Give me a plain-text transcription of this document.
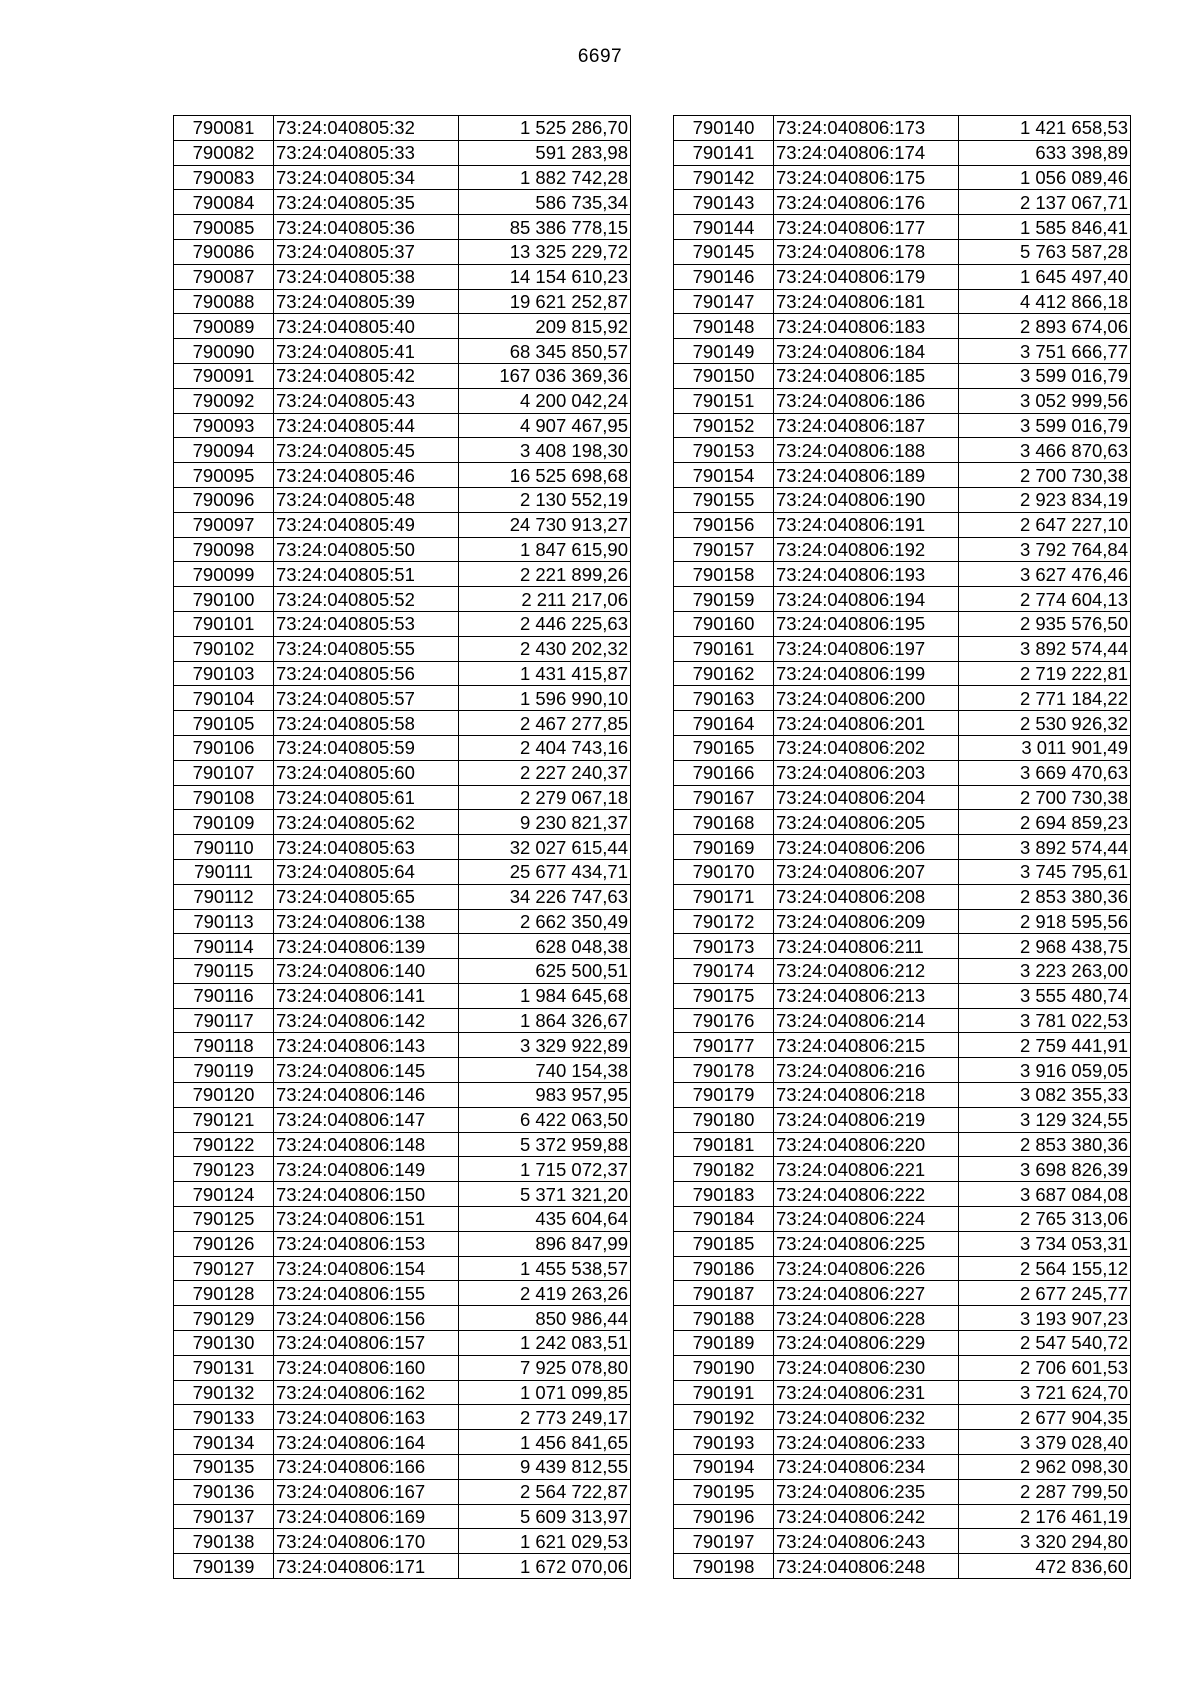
6697
790081	73:24:040805:32	1 525 286,70
790082	73:24:040805:33	591 283,98
790083	73:24:040805:34	1 882 742,28
790084	73:24:040805:35	586 735,34
790085	73:24:040805:36	85 386 778,15
790086	73:24:040805:37	13 325 229,72
790087	73:24:040805:38	14 154 610,23
790088	73:24:040805:39	19 621 252,87
790089	73:24:040805:40	209 815,92
790090	73:24:040805:41	68 345 850,57
790091	73:24:040805:42	167 036 369,36
790092	73:24:040805:43	4 200 042,24
790093	73:24:040805:44	4 907 467,95
790094	73:24:040805:45	3 408 198,30
790095	73:24:040805:46	16 525 698,68
790096	73:24:040805:48	2 130 552,19
790097	73:24:040805:49	24 730 913,27
790098	73:24:040805:50	1 847 615,90
790099	73:24:040805:51	2 221 899,26
790100	73:24:040805:52	2 211 217,06
790101	73:24:040805:53	2 446 225,63
790102	73:24:040805:55	2 430 202,32
790103	73:24:040805:56	1 431 415,87
790104	73:24:040805:57	1 596 990,10
790105	73:24:040805:58	2 467 277,85
790106	73:24:040805:59	2 404 743,16
790107	73:24:040805:60	2 227 240,37
790108	73:24:040805:61	2 279 067,18
790109	73:24:040805:62	9 230 821,37
790110	73:24:040805:63	32 027 615,44
790111	73:24:040805:64	25 677 434,71
790112	73:24:040805:65	34 226 747,63
790113	73:24:040806:138	2 662 350,49
790114	73:24:040806:139	628 048,38
790115	73:24:040806:140	625 500,51
790116	73:24:040806:141	1 984 645,68
790117	73:24:040806:142	1 864 326,67
790118	73:24:040806:143	3 329 922,89
790119	73:24:040806:145	740 154,38
790120	73:24:040806:146	983 957,95
790121	73:24:040806:147	6 422 063,50
790122	73:24:040806:148	5 372 959,88
790123	73:24:040806:149	1 715 072,37
790124	73:24:040806:150	5 371 321,20
790125	73:24:040806:151	435 604,64
790126	73:24:040806:153	896 847,99
790127	73:24:040806:154	1 455 538,57
790128	73:24:040806:155	2 419 263,26
790129	73:24:040806:156	850 986,44
790130	73:24:040806:157	1 242 083,51
790131	73:24:040806:160	7 925 078,80
790132	73:24:040806:162	1 071 099,85
790133	73:24:040806:163	2 773 249,17
790134	73:24:040806:164	1 456 841,65
790135	73:24:040806:166	9 439 812,55
790136	73:24:040806:167	2 564 722,87
790137	73:24:040806:169	5 609 313,97
790138	73:24:040806:170	1 621 029,53
790139	73:24:040806:171	1 672 070,06
790140	73:24:040806:173	1 421 658,53
790141	73:24:040806:174	633 398,89
790142	73:24:040806:175	1 056 089,46
790143	73:24:040806:176	2 137 067,71
790144	73:24:040806:177	1 585 846,41
790145	73:24:040806:178	5 763 587,28
790146	73:24:040806:179	1 645 497,40
790147	73:24:040806:181	4 412 866,18
790148	73:24:040806:183	2 893 674,06
790149	73:24:040806:184	3 751 666,77
790150	73:24:040806:185	3 599 016,79
790151	73:24:040806:186	3 052 999,56
790152	73:24:040806:187	3 599 016,79
790153	73:24:040806:188	3 466 870,63
790154	73:24:040806:189	2 700 730,38
790155	73:24:040806:190	2 923 834,19
790156	73:24:040806:191	2 647 227,10
790157	73:24:040806:192	3 792 764,84
790158	73:24:040806:193	3 627 476,46
790159	73:24:040806:194	2 774 604,13
790160	73:24:040806:195	2 935 576,50
790161	73:24:040806:197	3 892 574,44
790162	73:24:040806:199	2 719 222,81
790163	73:24:040806:200	2 771 184,22
790164	73:24:040806:201	2 530 926,32
790165	73:24:040806:202	3 011 901,49
790166	73:24:040806:203	3 669 470,63
790167	73:24:040806:204	2 700 730,38
790168	73:24:040806:205	2 694 859,23
790169	73:24:040806:206	3 892 574,44
790170	73:24:040806:207	3 745 795,61
790171	73:24:040806:208	2 853 380,36
790172	73:24:040806:209	2 918 595,56
790173	73:24:040806:211	2 968 438,75
790174	73:24:040806:212	3 223 263,00
790175	73:24:040806:213	3 555 480,74
790176	73:24:040806:214	3 781 022,53
790177	73:24:040806:215	2 759 441,91
790178	73:24:040806:216	3 916 059,05
790179	73:24:040806:218	3 082 355,33
790180	73:24:040806:219	3 129 324,55
790181	73:24:040806:220	2 853 380,36
790182	73:24:040806:221	3 698 826,39
790183	73:24:040806:222	3 687 084,08
790184	73:24:040806:224	2 765 313,06
790185	73:24:040806:225	3 734 053,31
790186	73:24:040806:226	2 564 155,12
790187	73:24:040806:227	2 677 245,77
790188	73:24:040806:228	3 193 907,23
790189	73:24:040806:229	2 547 540,72
790190	73:24:040806:230	2 706 601,53
790191	73:24:040806:231	3 721 624,70
790192	73:24:040806:232	2 677 904,35
790193	73:24:040806:233	3 379 028,40
790194	73:24:040806:234	2 962 098,30
790195	73:24:040806:235	2 287 799,50
790196	73:24:040806:242	2 176 461,19
790197	73:24:040806:243	3 320 294,80
790198	73:24:040806:248	472 836,60
